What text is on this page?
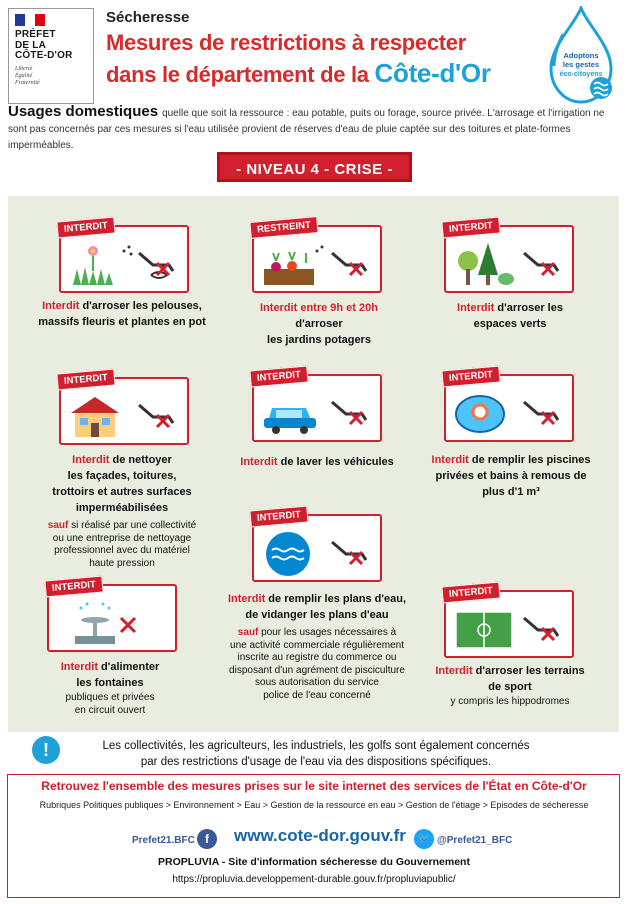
PRÉFET
DE LA
CÔTE-D'OR
Liberté
Égalité
Fraternité
Sécheresse
Mesures de restrictions à respecter
dans le département de la Côte-d'Or
Adoptons
les gestes
éco-citoyens
Usages domestiques quelle que soit la ressource : eau potable, puits ou forage, source privée. L'arrosage et l'irrigation ne sont pas concernés par ces mesures si l'eau utilisée provient de réserves d'eau de pluie captée sur des toitures et plate-formes imperméables.
- NIVEAU 4 - CRISE -
INTERDIT
Interdit d'arroser les pelouses,
massifs fleuris et plantes en pot
RESTREINT
Interdit entre 9h et 20h
d'arroser
les jardins potagers
INTERDIT
Interdit d'arroser les
espaces verts
INTERDIT
Interdit de nettoyer
les façades, toitures,
trottoirs et autres surfaces
imperméabilisées
sauf si réalisé par une collectivité
ou une entreprise de nettoyage
professionnel avec du matériel
haute pression
INTERDIT
Interdit de laver les véhicules
INTERDIT
Interdit de remplir les piscines
privées et bains à remous de
plus d'1 m³
INTERDIT
Interdit de remplir les plans d'eau,
de vidanger les plans d'eau
sauf pour les usages nécessaires à
une activité commerciale régulièrement
inscrite au registre du commerce ou
disposant d'un agrément de pisciculture
sous autorisation du service
police de l'eau concerné
INTERDIT
Interdit d'alimenter
les fontaines
publiques et privées
en circuit ouvert
INTERDIT
Interdit d'arroser les terrains
de sport
y compris les hippodromes
!	Les collectivités, les agriculteurs, les industriels, les golfs sont également concernés
par des restrictions d'usage de l'eau via des dispositions spécifiques.
Retrouvez l'ensemble des mesures prises sur le site internet des services de l'État en Côte-d'Or
Rubriques Politiques publiques > Environnement > Eau > Gestion de la ressource en eau > Gestion de l'étiage > Episodes de sécheresse
Prefet21.BFC f	www.cote-dor.gouv.fr	🐦 @Prefet21_BFC
PROPLUVIA - Site d'information sécheresse du Gouvernement
https://propluvia.developpement-durable.gouv.fr/propluviapublic/
